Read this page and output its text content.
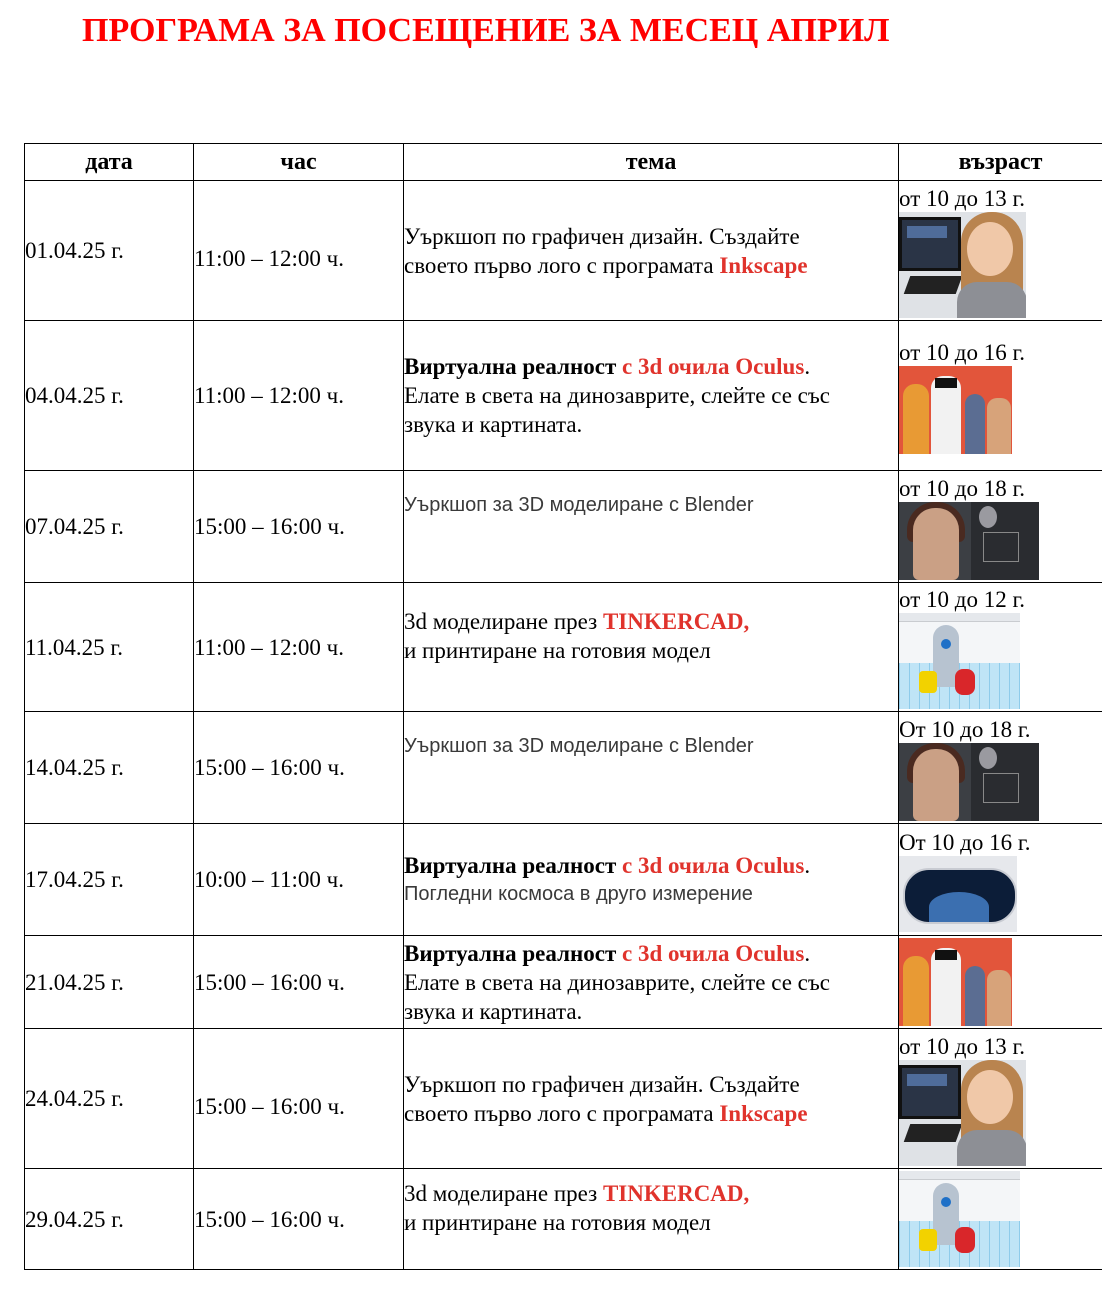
ПРОГРАМА ЗА ПОСЕЩЕНИЕ ЗА МЕСЕЦ АПРИЛ
дата	час	тема	възраст
01.04.25 г.	11:00 – 12:00 ч.	Уъркшоп по графичен дизайн. Създайте
своето първо лого с програмата Inkscape	от 10 до 13 г.

04.04.25 г.	11:00 – 12:00 ч.	Виртуална реалност с 3d очила Oculus.
Елате в света на динозаврите, слейте се със
звука и картината.	от 10 до 16 г.

07.04.25 г.	15:00 – 16:00 ч.	Уъркшоп за 3D моделиране с Blender	от 10 до 18 г.

11.04.25 г.	11:00 – 12:00 ч.	3d моделиране през TINKERCAD,
и принтиране на готовия модел	от 10 до 12 г.

14.04.25 г.	15:00 – 16:00 ч.	Уъркшоп за 3D моделиране с Blender	От 10 до 18 г.

17.04.25 г.	10:00 – 11:00 ч.	Виртуална реалност с 3d очила Oculus.
Погледни космоса в друго измерение	От 10 до 16 г.

21.04.25 г.	15:00 – 16:00 ч.	Виртуална реалност с 3d очила Oculus.
Елате в света на динозаврите, слейте се със
звука и картината.	

24.04.25 г.	15:00 – 16:00 ч.	Уъркшоп по графичен дизайн. Създайте
своето първо лого с програмата Inkscape	от 10 до 13 г.

29.04.25 г.	15:00 – 16:00 ч.	3d моделиране през TINKERCAD,
и принтиране на готовия модел	
